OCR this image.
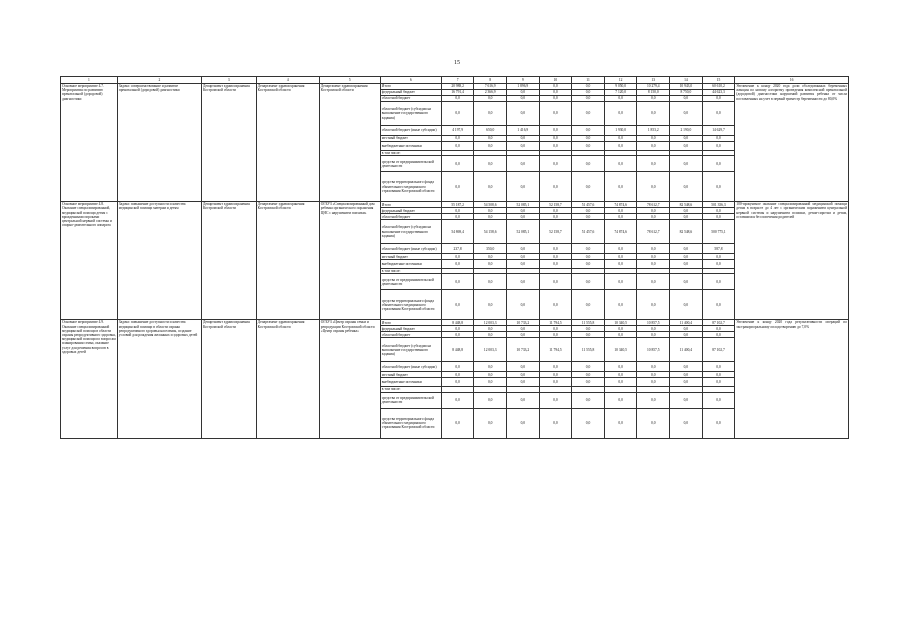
15
1	2	3	4	5	6	7	8	9	10	11	12	13	14	15	16
Основное мероприятие 4.7. Мероприятия по развитию пренатальной (дородовой) диагностики	Задача: совершенствование и развитие пренатальной (дородовой) диагностики	Департамент здравоохранения Костромской области	Департамент здравоохранения Костромской области	Департамент здравоохранения Костромской области	Итого	20 988,2	7 616,9	1 896,9	0,0	0,0	9 050,0	10 279,4	10 943,0	60 610,2	Увеличение к концу 2020 года доли обследованных беременных женщин по новому алгоритму проведения комплексной пренатальной (дородовой) диагностики нарушений развития ребенка от числа поставленных на учет в первый триместр беременности до 80,0%
					федеральный бюджет	16 791,4	2 366,9	0,0	0,0	0,0	7 120,0	8 150,0	8 750,0	44 623,3	
					областной бюджет	0,0	0,0	0,0	0,0	0,0	0,0	0,0	0,0	0,0	
					областной бюджет (субсидии на выполнение государственного задания)	0,0	0,0	0,0	0,0	0,0	0,0	0,0	0,0	0,0	
					областной бюджет (иные субсидии)	4 197,9	650,0	1 416,9	0,0	0,0	1 930,0	1 853,2	2 190,0	14 629,7	
					местный бюджет	0,0	0,0	0,0	0,0	0,0	0,0	0,0	0,0	0,0	
					внебюджетные источники	0,0	0,0	0,0	0,0	0,0	0,0	0,0	0,0	0,0	
					в том числе:										
					средства от предпринимательской деятельности	0,0	0,0	0,0	0,0	0,0	0,0	0,0	0,0	0,0	
					средства территориального фонда обязательного медицинского страхования Костромской области	0,0	0,0	0,0	0,0	0,0	0,0	0,0	0,0	0,0	
Основное мероприятие 4.8. Оказание специализированной, медицинской помощи детям с врожденными пороками центральной нервной системы и опорно-двигательного аппарата	Задача: повышение доступности и качества медицинской помощи матерям и детям	Департамент здравоохранения Костромской области	Департамент здравоохранения Костромской области	ОГБУЗ «Специализированный дом ребенка органического поражения ЦНС с нарушением психики»	Итого	55 187,2	54 508,6	52 085,1	52 158,7	51 457,6	74 874,6	78 612,7	82 548,6	501 356,3	100-процентное оказание специализированной медицинской помощи детям в возрасте до 4 лет с органическим поражением центральной нервной системы и нарушением психики, детям-сиротам и детям, оставшимся без попечения родителей
					федеральный бюджет	0,0	0,0	0,0	0,0	0,0	0,0	0,0	0,0	0,0	
					областной бюджет	0,0	0,0	0,0	0,0	0,0	0,0	0,0	0,0	0,0	
					областной бюджет (субсидии на выполнение государственного задания)	54 869,4	54 158,6	52 085,1	52 158,7	51 457,6	74 874,6	78 612,7	82 548,6	500 775,1	
					областной бюджет (иные субсидии)	237,8	350,0	0,0	0,0	0,0	0,0	0,0	0,0	587,8	
					местный бюджет	0,0	0,0	0,0	0,0	0,0	0,0	0,0	0,0	0,0	
					внебюджетные источники	0,0	0,0	0,0	0,0	0,0	0,0	0,0	0,0	0,0	
					в том числе:										
					средства от предпринимательской деятельности	0,0	0,0	0,0	0,0	0,0	0,0	0,0	0,0	0,0	
					средства территориального фонда обязательного медицинского страхования Костромской области	0,0	0,0	0,0	0,0	0,0	0,0	0,0	0,0	0,0	
Основное мероприятие 4.9. Оказание специализированной медицинской помощи в области охраны репродуктивного здоровья, медицинской помощи по вопросам планирования семьи, оказание услуг для решения вопросов в здоровых детей	Задача: повышение доступности и качества медицинской помощи в области охраны репродуктивного здоровья населения, создание условий для рождения желанных и здоровых детей	Департамент здравоохранения Костромской области	Департамент здравоохранения Костромской области	ОГБУЗ «Центр охраны семьи и репродукции Костромской области «Центр охраны ребенка»	Итого	8 448,8	12 003,3	10 733,2	11 794,5	11 555,8	10 340,5	10 857,5	11 400,4	87 102,7	Увеличение к концу 2020 года результативности операций по экстракорпоральному оплодотворению до 7,0%
					федеральный бюджет	0,0	0,0	0,0	0,0	0,0	0,0	0,0	0,0	0,0	
					областной бюджет	0,0	0,0	0,0	0,0	0,0	0,0	0,0	0,0	0,0	
					областной бюджет (субсидии на выполнение государственного задания)	8 448,8	12 003,3	10 733,2	11 794,5	11 555,8	10 340,5	10 857,5	11 400,4	87 102,7	
					областной бюджет (иные субсидии)	0,0	0,0	0,0	0,0	0,0	0,0	0,0	0,0	0,0	
					местный бюджет	0,0	0,0	0,0	0,0	0,0	0,0	0,0	0,0	0,0	
					внебюджетные источники	0,0	0,0	0,0	0,0	0,0	0,0	0,0	0,0	0,0	
					в том числе:										
					средства от предпринимательской деятельности	0,0	0,0	0,0	0,0	0,0	0,0	0,0	0,0	0,0	
					средства территориального фонда обязательного медицинского страхования Костромской области	0,0	0,0	0,0	0,0	0,0	0,0	0,0	0,0	0,0	
